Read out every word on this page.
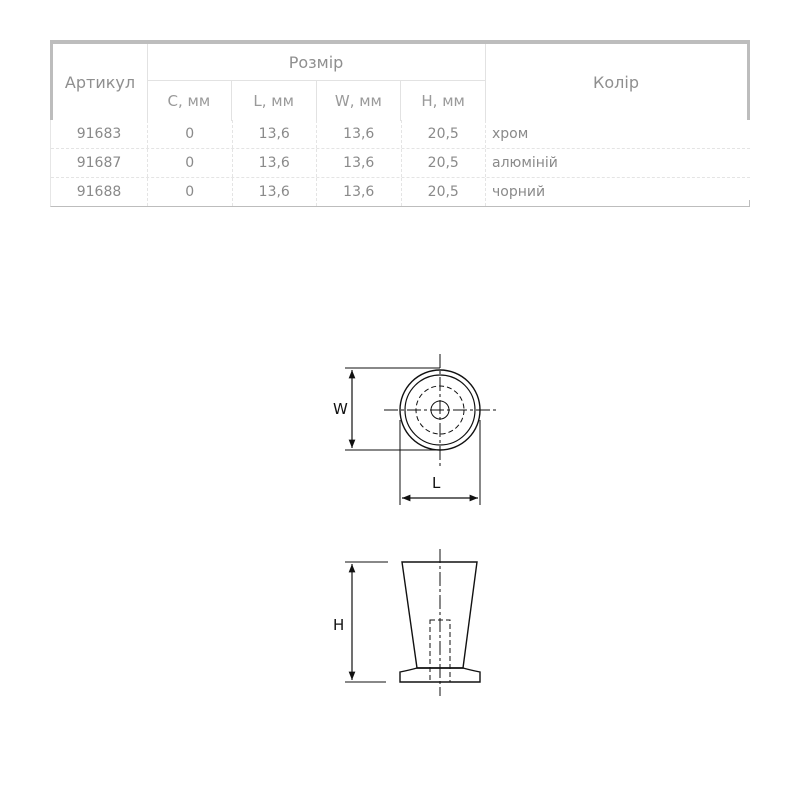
Артикул
Розмір
C, мм	L, мм	W, мм	H, мм
Колір
91683	0	13,6	13,6	20,5	хром
91687	0	13,6	13,6	20,5	алюміній
91688	0	13,6	13,6	20,5	чорний
W
L
H
